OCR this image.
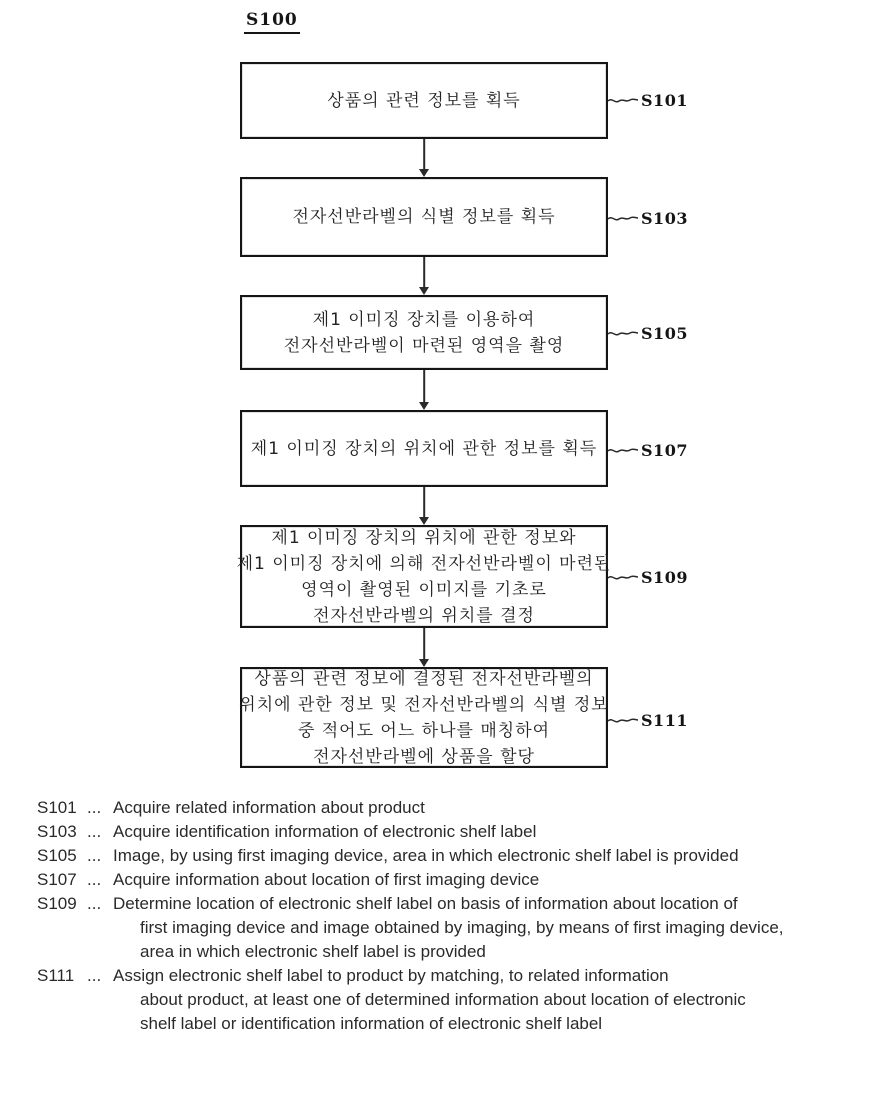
S100
상품의 관련 정보를 획득
전자선반라벨의 식별 정보를 획득
제1 이미징 장치를 이용하여
전자선반라벨이 마련된 영역을 촬영
제1 이미징 장치의 위치에 관한 정보를 획득
제1 이미징 장치의 위치에 관한 정보와
제1 이미징 장치에 의해 전자선반라벨이 마련된
영역이 촬영된 이미지를 기초로
전자선반라벨의 위치를 결정
상품의 관련 정보에 결정된 전자선반라벨의
위치에 관한 정보 및 전자선반라벨의 식별 정보
중 적어도 어느 하나를 매칭하여
전자선반라벨에 상품을 할당
S101
S103
S105
S107
S109
S111
S101 ... Acquire related information about product
S103 ... Acquire identification information of electronic shelf label
S105 ... Image, by using first imaging device, area in which electronic shelf label is provided
S107 ... Acquire information about location of first imaging device
S109 ... Determine location of electronic shelf label on basis of information about location of
first imaging device and image obtained by imaging, by means of first imaging device,
area in which electronic shelf label is provided
S111 ... Assign electronic shelf label to product by matching, to related information
about product, at least one of determined information about location of electronic
shelf label or identification information of electronic shelf label
